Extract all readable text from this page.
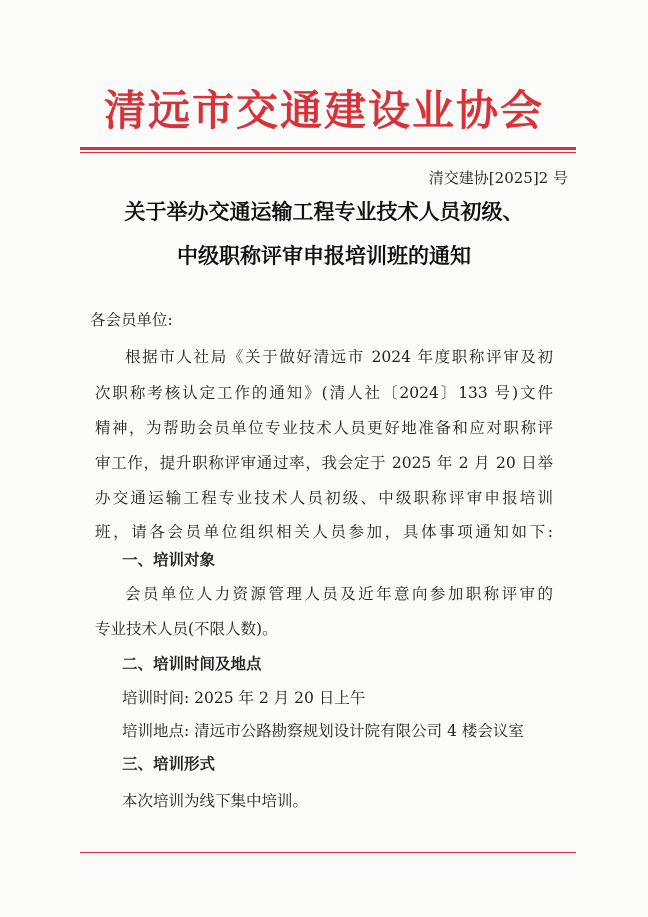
清远市交通建设业协会
清交建协[2025]2 号
关于举办交通运输工程专业技术人员初级、
中级职称评审申报培训班的通知
各会员单位:
根据市人社局《关于做好清远市 2024 年度职称评审及初
次职称考核认定工作的通知》(清人社〔2024〕133 号)文件
精神，为帮助会员单位专业技术人员更好地准备和应对职称评
审工作，提升职称评审通过率，我会定于 2025 年 2 月 20 日举
办交通运输工程专业技术人员初级、中级职称评审申报培训
班，请各会员单位组织相关人员参加，具体事项通知如下:
一、培训对象
会员单位人力资源管理人员及近年意向参加职称评审的
专业技术人员(不限人数)。
二、培训时间及地点
培训时间: 2025 年 2 月 20 日上午
培训地点: 清远市公路勘察规划设计院有限公司 4 楼会议室
三、培训形式
本次培训为线下集中培训。
